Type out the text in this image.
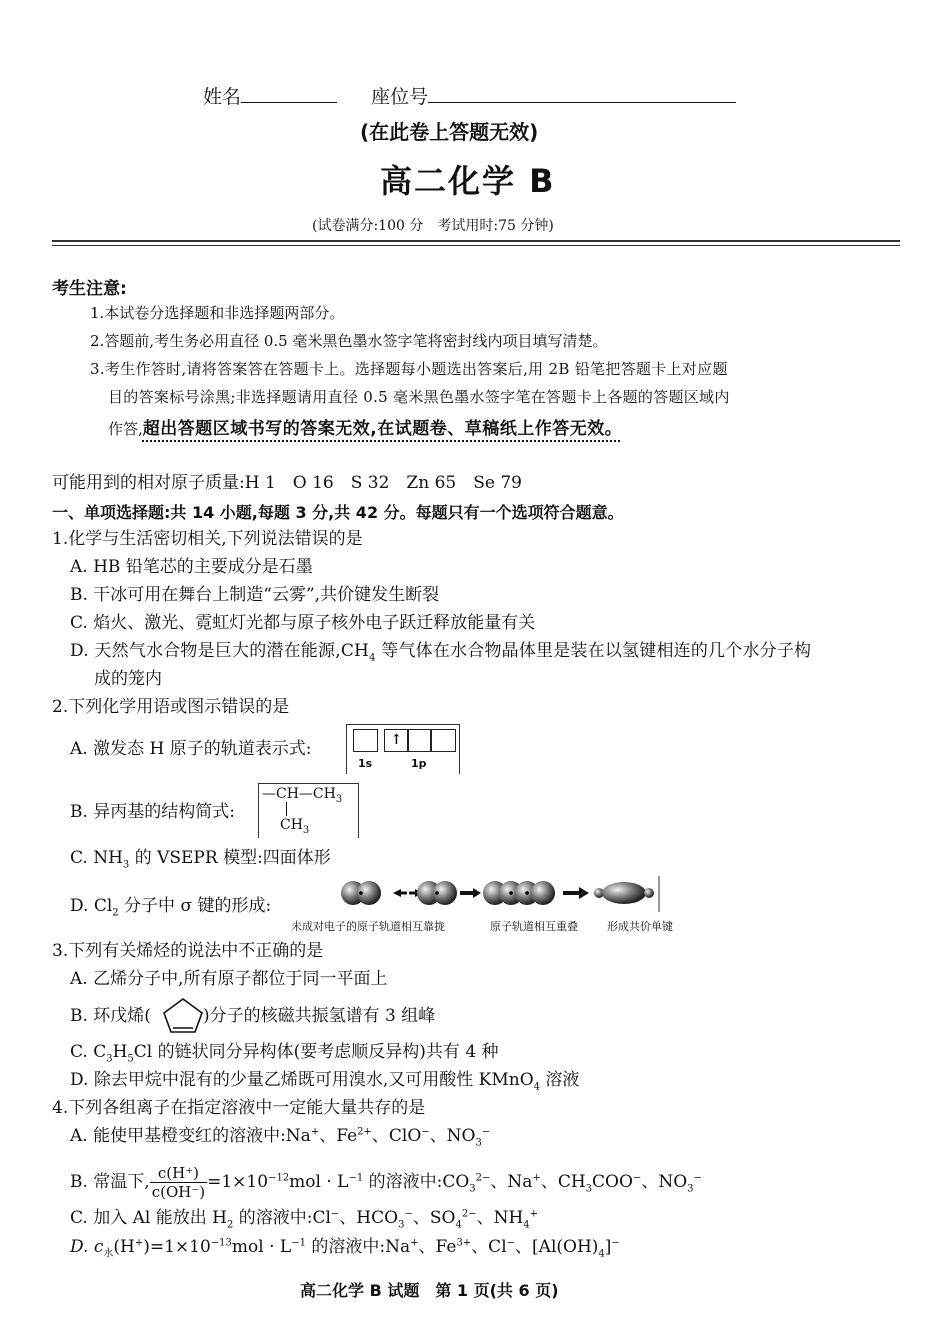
姓名	座位号
(在此卷上答题无效)
高二化学 B
(试卷满分:100 分　考试用时:75 分钟)
考生注意:
1.本试卷分选择题和非选择题两部分。
2.答题前,考生务必用直径 0.5 毫米黑色墨水签字笔将密封线内项目填写清楚。
3.考生作答时,请将答案答在答题卡上。选择题每小题选出答案后,用 2B 铅笔把答题卡上对应题
目的答案标号涂黑;非选择题请用直径 0.5 毫米黑色墨水签字笔在答题卡上各题的答题区域内
作答,超出答题区域书写的答案无效,在试题卷、草稿纸上作答无效。
可能用到的相对原子质量:H 1　O 16　S 32　Zn 65　Se 79
一、单项选择题:共 14 小题,每题 3 分,共 42 分。每题只有一个选项符合题意。
1.化学与生活密切相关,下列说法错误的是
A. HB 铅笔芯的主要成分是石墨
B. 干冰可用在舞台上制造“云雾”,共价键发生断裂
C. 焰火、激光、霓虹灯光都与原子核外电子跃迁释放能量有关
D. 天然气水合物是巨大的潜在能源$,CH_4$ 等气体在水合物晶体里是装在以氢键相连的几个水分子构
成的笼内
2.下列化学用语或图示错误的是
A. 激发态 H 原子的轨道表示式:	↑
1s	1p
B. 异丙基的结构简式:
$—CH—CH_3$
$CH_3$
C. $NH_3$ 的 VSEPR 模型:四面体形
D. $Cl_2$ 分子中 σ 键的形成:
未成对电子的原子轨道相互靠拢	原子轨道相互重叠	形成共价单键
3.下列有关烯烃的说法中不正确的是
A. 乙烯分子中,所有原子都位于同一平面上
B. 环戊烯(	)分子的核磁共振氢谱有 3 组峰
C. $C_3H_5Cl$ 的链状同分异构体(要考虑顺反异构)共有 4 种
D. 除去甲烷中混有的少量乙烯既可用溴水,又可用酸性 KMnO$_4$ 溶液
4.下列各组离子在指定溶液中一定能大量共存的是
A. 能使甲基橙变红的溶液中:Na+、$Fe^{2+}$、ClO−、$NO_3^-$
B. 常温下, $\frac{c(H^+)}{c(OH^-)} =1\times 10^{-12}mol \cdot L^{-1}$ 的溶液中$:CO_3^{2-}$、Na+、$CH_3COO^-$、$NO_3^-$
C. 加入 Al 能放出 $H_2$ 的溶液中:Cl−、$HCO_3^-$、$SO_4^{2-}$、$NH_4^+$
D. $c_水(H^+)=1\times 10^{-13}mol \cdot L^{-1}$ 的溶液中:Na+、$Fe^{3+}$、Cl−、$[Al(OH)_4]^-$
高二化学 B 试题　第 1 页(共 6 页)
